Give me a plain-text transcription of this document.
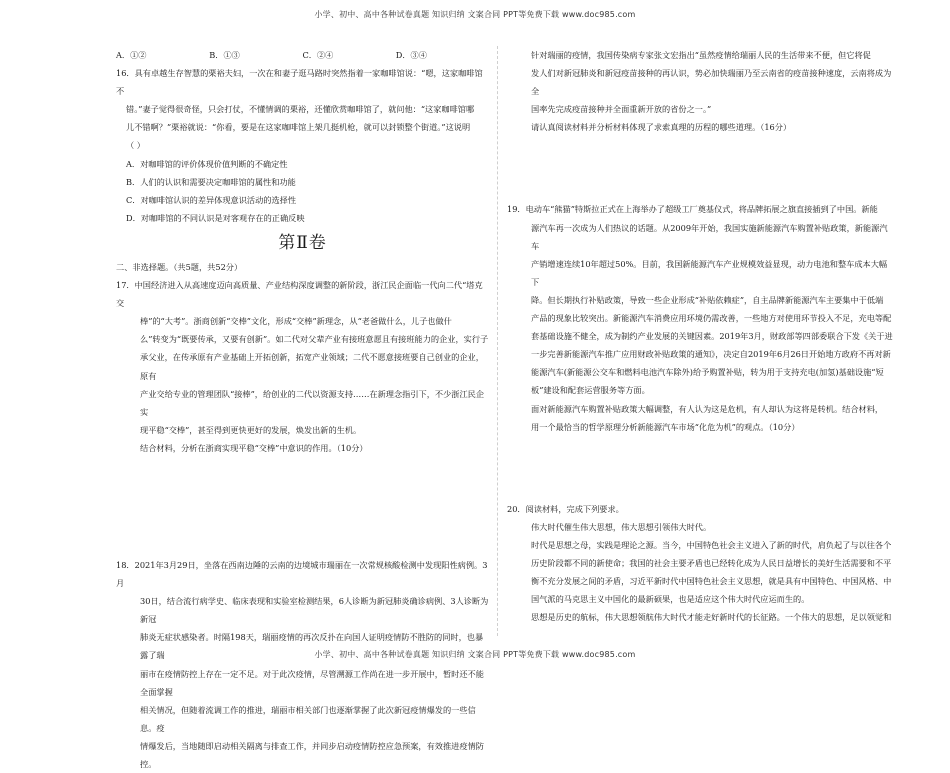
小学、初中、高中各种试卷真题 知识归纳 文案合同 PPT等免费下载 www.doc985.com
A．①②	B．①③	C．②④	D．③④

16．具有卓越生存智慧的栗裕夫妇，一次在和妻子逛马路时突然指着一家咖啡馆说：“嗯，这家咖啡馆不

错。”妻子觉得很奇怪，只会打仗，不懂情调的栗裕，还懂欣赏咖啡馆了，就问他：“这家咖啡馆哪

儿不错啊？”栗裕就说：“你看，要是在这家咖啡馆上架几挺机枪，就可以封锁整个街道。”这说明

（ ）

A．对咖啡馆的评价体现价值判断的不确定性

B．人们的认识和需要决定咖啡馆的属性和功能

C．对咖啡馆认识的差异体现意识活动的选择性

D．对咖啡馆的不同认识是对客观存在的正确反映

第Ⅱ卷

二、非选择题。（共5题，共52分）

17．中国经济进入从高速度迈向高质量、产业结构深度调整的新阶段，浙江民企面临一代向二代“塔克交

棒”的“大考”。浙商创新“交棒”文化，形成“交棒”新理念，从“老爸做什么，儿子也做什

么”转变为“既要传承，又要有创新”。如二代对父辈产业有接班意愿且有接班能力的企业，实行子

承父业，在传承原有产业基础上开拓创新，拓宽产业领域；二代不愿意接班要自己创业的企业，原有

产业交给专业的管理团队“接棒”，给创业的二代以资源支持……在新理念指引下，不少浙江民企实

现平稳“交棒”，甚至得到更快更好的发展，焕发出新的生机。

结合材料，分析在浙商实现平稳“交棒”中意识的作用。（10分）

18．2021年3月29日，坐落在西南边陲的云南的边境城市瑞丽在一次常规核酸检测中发现阳性病例。3月

30日，结合流行病学史、临床表现和实验室检测结果，6人诊断为新冠肺炎确诊病例、3人诊断为新冠

肺炎无症状感染者。时隔198天，瑞丽疫情的再次反扑在向国人证明疫情防不胜防的同时，也暴露了瑞

丽市在疫情防控上存在一定不足。对于此次疫情，尽管溯源工作尚在进一步开展中，暂时还不能全面掌握

相关情况，但随着流调工作的推进，瑞丽市相关部门也逐渐掌握了此次新冠疫情爆发的一些信息。疫

情爆发后，当地随即启动相关隔离与排查工作，并同步启动疫情防控应急预案，有效推进疫情防控。

针对瑞丽的疫情，我国传染病专家张文宏指出“虽然疫情给瑞丽人民的生活带来不便，但它将促

发人们对新冠肺炎和新冠疫苗接种的再认识，势必加快瑞丽乃至云南省的疫苗接种速度，云南将成为全

国率先完成疫苗接种并全面重新开放的省份之一。”

请认真阅读材料并分析材料体现了求索真理的历程的哪些道理。（16分）

19．电动车“熊猫”特斯拉正式在上海举办了超级工厂奠基仪式，将品牌拓展之旗直接插到了中国。新能

源汽车再一次成为人们热议的话题。从2009年开始，我国实施新能源汽车购置补贴政策，新能源汽车

产销增速连续10年超过50%。目前，我国新能源汽车产业规模效益显现，动力电池和整车成本大幅下

降。但长期执行补贴政策，导致一些企业形成“补贴依赖症”，自主品牌新能源汽车主要集中于低端

产品的现象比较突出。新能源汽车消费应用环境仍需改善，一些地方对使用环节投入不足，充电等配

套基础设施不健全，成为制约产业发展的关键因素。2019年3月，财政部等四部委联合下发《关于进

一步完善新能源汽车推广应用财政补贴政策的通知》，决定自2019年6月26日开始地方政府不再对新

能源汽车(新能源公交车和燃料电池汽车除外)给予购置补贴，转为用于支持充电(加氢)基础设施“短

板”建设和配套运营服务等方面。

面对新能源汽车购置补贴政策大幅调整，有人认为这是危机，有人却认为这将是转机。结合材料，

用一个最恰当的哲学原理分析新能源汽车市场“化危为机”的观点。（10分）

20．阅读材料，完成下列要求。

伟大时代催生伟大思想，伟大思想引领伟大时代。

时代是思想之母，实践是理论之源。当今，中国特色社会主义进入了新的时代，肩负起了与以往各个

历史阶段都不同的新使命；我国的社会主要矛盾也已经转化成为人民日益增长的美好生活需要和不平

衡不充分发展之间的矛盾，习近平新时代中国特色社会主义思想，就是具有中国特色、中国风格、中

国气派的马克思主义中国化的最新硕果，也是适应这个伟大时代应运而生的。

思想是历史的航标，伟大思想领航伟大时代才能走好新时代的长征路。一个伟大的思想，足以领觉和

小学、初中、高中各种试卷真题 知识归纳 文案合同 PPT等免费下载 www.doc985.com
